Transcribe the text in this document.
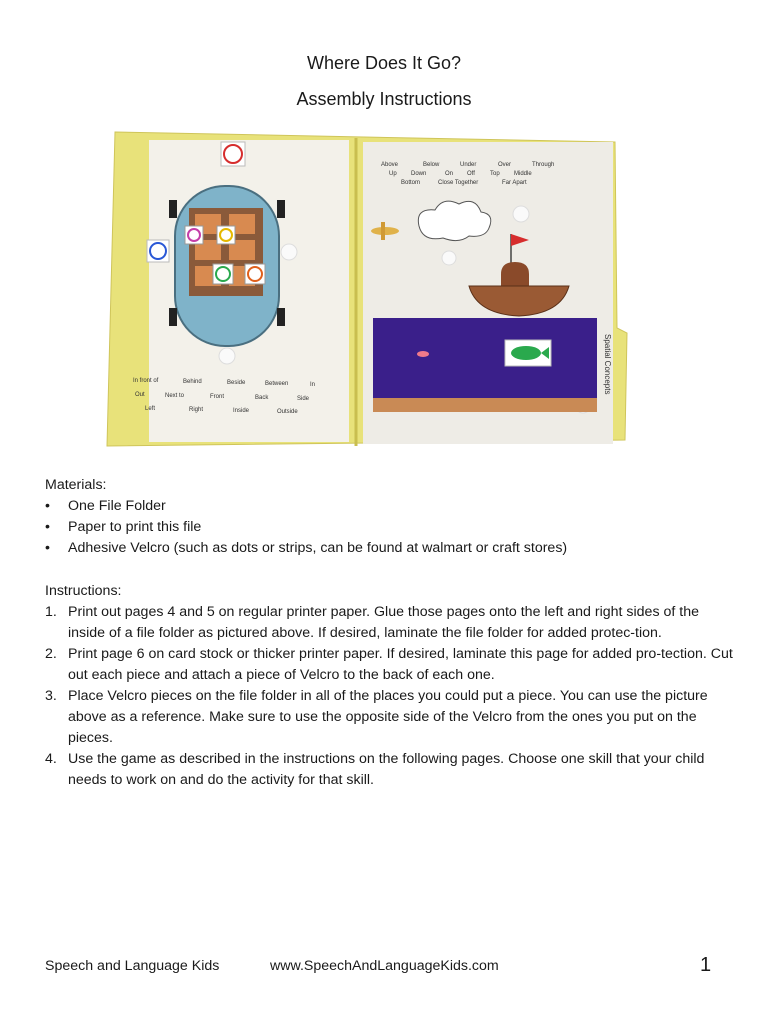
Where Does It Go?
Assembly Instructions
In front of	Behind	Beside	Between	In
Out	Next to	Front	Back	Side
Left	Right	Inside	Outside
Above	Below	Under	Over	Through
Up Down	On Off	Top Middle
Bottom	Close Together	Far Apart
Spatial Concepts
Materials:
• One File Folder
• Paper to print this file
• Adhesive Velcro (such as dots or strips, can be found at walmart or craft stores)
Instructions:
1. Print out pages 4 and 5 on regular printer paper. Glue those pages onto the left and right sides of the inside of a file folder as pictured above. If desired, laminate the file folder for added protec-tion.
2. Print page 6 on card stock or thicker printer paper. If desired, laminate this page for added pro-tection. Cut out each piece and attach a piece of Velcro to the back of each one.
3. Place Velcro pieces on the file folder in all of the places you could put a piece. You can use the picture above as a reference. Make sure to use the opposite side of the Velcro from the ones you put on the pieces.
4. Use the game as described in the instructions on the following pages. Choose one skill that your child needs to work on and do the activity for that skill.
Speech and Language Kids	www.SpeechAndLanguageKids.com	1
